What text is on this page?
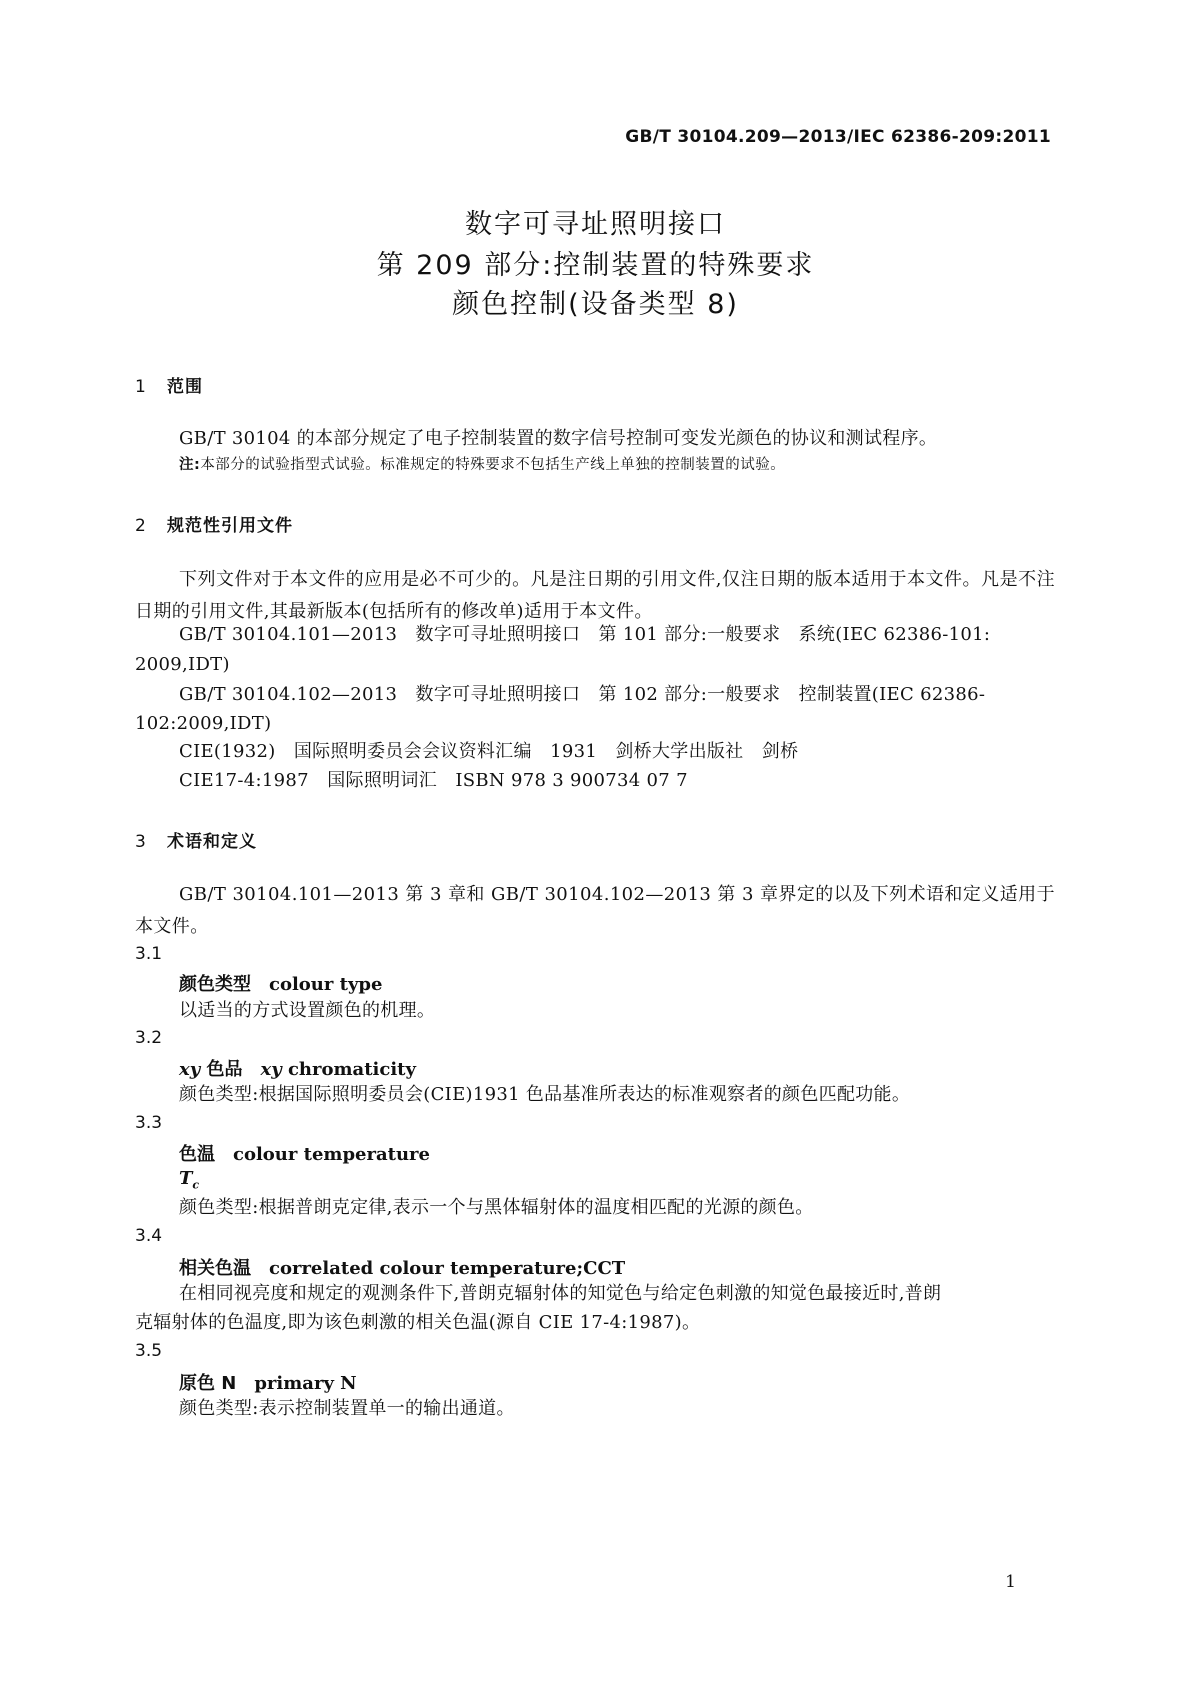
GB/T 30104.209—2013/IEC 62386-209:2011
数字可寻址照明接口
第 209 部分:控制装置的特殊要求
颜色控制(设备类型 8)
1 范围
GB/T 30104 的本部分规定了电子控制装置的数字信号控制可变发光颜色的协议和测试程序。
注:本部分的试验指型式试验。标准规定的特殊要求不包括生产线上单独的控制装置的试验。
2 规范性引用文件
下列文件对于本文件的应用是必不可少的。凡是注日期的引用文件,仅注日期的版本适用于本文件。凡是不注日期的引用文件,其最新版本(包括所有的修改单)适用于本文件。
GB/T 30104.101—2013　数字可寻址照明接口　第 101 部分:一般要求　系统(IEC 62386-101:
2009,IDT)
GB/T 30104.102—2013　数字可寻址照明接口　第 102 部分:一般要求　控制装置(IEC 62386-
102:2009,IDT)
CIE(1932)　国际照明委员会会议资料汇编　1931　剑桥大学出版社　剑桥
CIE17-4:1987　国际照明词汇　ISBN 978 3 900734 07 7
3 术语和定义
GB/T 30104.101—2013 第 3 章和 GB/T 30104.102—2013 第 3 章界定的以及下列术语和定义适用于本文件。
3.1
颜色类型 colour type
以适当的方式设置颜色的机理。
3.2
xy 色品 xy chromaticity
颜色类型:根据国际照明委员会(CIE)1931 色品基准所表达的标准观察者的颜色匹配功能。
3.3
色温 colour temperature
$T_c$
颜色类型:根据普朗克定律,表示一个与黑体辐射体的温度相匹配的光源的颜色。
3.4
相关色温 correlated colour temperature;CCT
在相同视亮度和规定的观测条件下,普朗克辐射体的知觉色与给定色刺激的知觉色最接近时,普朗
克辐射体的色温度,即为该色刺激的相关色温(源自 CIE 17-4:1987)。
3.5
原色 N primary N
颜色类型:表示控制装置单一的输出通道。
1
